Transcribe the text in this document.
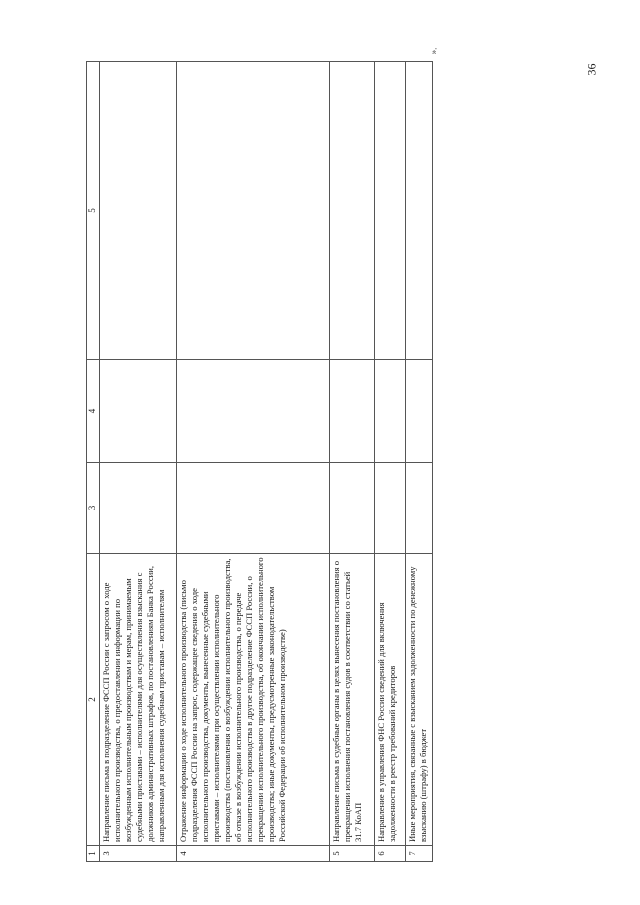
36
».
1	2	3	4	5
3	Направление письма в подразделение ФССП России с запросом о ходе исполнительного производства, о предоставлении информации по возбужденным исполнительным производствам и мерам, принимаемым судебными приставами – исполнителями для осуществления взыскания с должников административных штрафов, по постановлениям Банка России, направленным для исполнения судебным приставам – исполнителям			
4	Отражение информации о ходе исполнительного производства (письмо подразделения ФССП России на запрос, содержащее сведения о ходе исполнительного производства, документы, вынесенные судебными приставами – исполнителями при осуществлении исполнительного производства (постановления о возбуждении исполнительного производства, об отказе в возбуждении исполнительного производства, о передаче исполнительного производства в другое подразделение ФССП России, о прекращении исполнительного производства, об окончании исполнительного производства; иные документы, предусмотренные законодательством Российской Федерации об исполнительном производстве)			
5	Направление письма в судебные органы в целях вынесения постановления о прекращении исполнения постановления судов в соответствии со статьей 31.7 КоАП			
6	Направление в управления ФНС России сведений для включения задолженности в реестр требований кредиторов			
7	Иные мероприятия, связанные с взысканием задолженности по денежному взысканию (штрафу) в бюджет			
